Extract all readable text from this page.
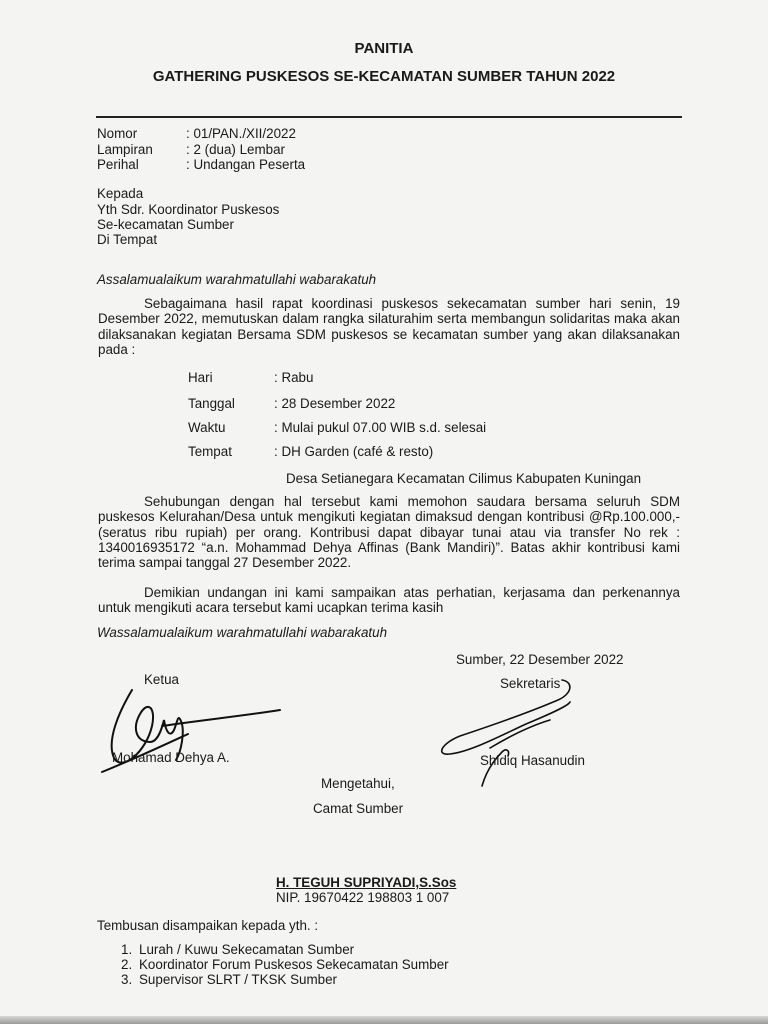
PANITIA
GATHERING PUSKESOS SE-KECAMATAN SUMBER TAHUN 2022
Nomor	: 01/PAN./XII/2022
Lampiran : 2 (dua) Lembar
Perihal	: Undangan Peserta
Kepada
Yth Sdr. Koordinator Puskesos
Se-kecamatan Sumber
Di Tempat
Assalamualaikum warahmatullahi wabarakatuh
Sebagaimana hasil rapat koordinasi puskesos sekecamatan sumber hari senin, 19 Desember 2022, memutuskan dalam rangka silaturahim serta membangun solidaritas maka akan dilaksanakan kegiatan Bersama SDM puskesos se kecamatan sumber yang akan dilaksanakan pada :
Hari	: Rabu
Tanggal	: 28 Desember 2022
Waktu	: Mulai pukul 07.00 WIB s.d. selesai
Tempat	: DH Garden (café & resto)
Desa Setianegara Kecamatan Cilimus Kabupaten Kuningan
Sehubungan dengan hal tersebut kami memohon saudara bersama seluruh SDM puskesos Kelurahan/Desa untuk mengikuti kegiatan dimaksud dengan kontribusi @Rp.100.000,- (seratus ribu rupiah) per orang. Kontribusi dapat dibayar tunai atau via transfer No rek : 1340016935172 “a.n. Mohammad Dehya Affinas (Bank Mandiri)”. Batas akhir kontribusi kami terima sampai tanggal 27 Desember 2022.
Demikian undangan ini kami sampaikan atas perhatian, kerjasama dan perkenannya untuk mengikuti acara tersebut kami ucapkan terima kasih
Wassalamualaikum warahmatullahi wabarakatuh
Sumber, 22 Desember 2022
Ketua
Mohamad Dehya A.
Sekretaris
Shidiq Hasanudin
Mengetahui,
Camat Sumber
H. TEGUH SUPRIYADI,S.Sos
NIP. 19670422 198803 1 007
Tembusan disampaikan kepada yth. :
1. Lurah / Kuwu Sekecamatan Sumber
2. Koordinator Forum Puskesos Sekecamatan Sumber
3. Supervisor SLRT / TKSK Sumber
